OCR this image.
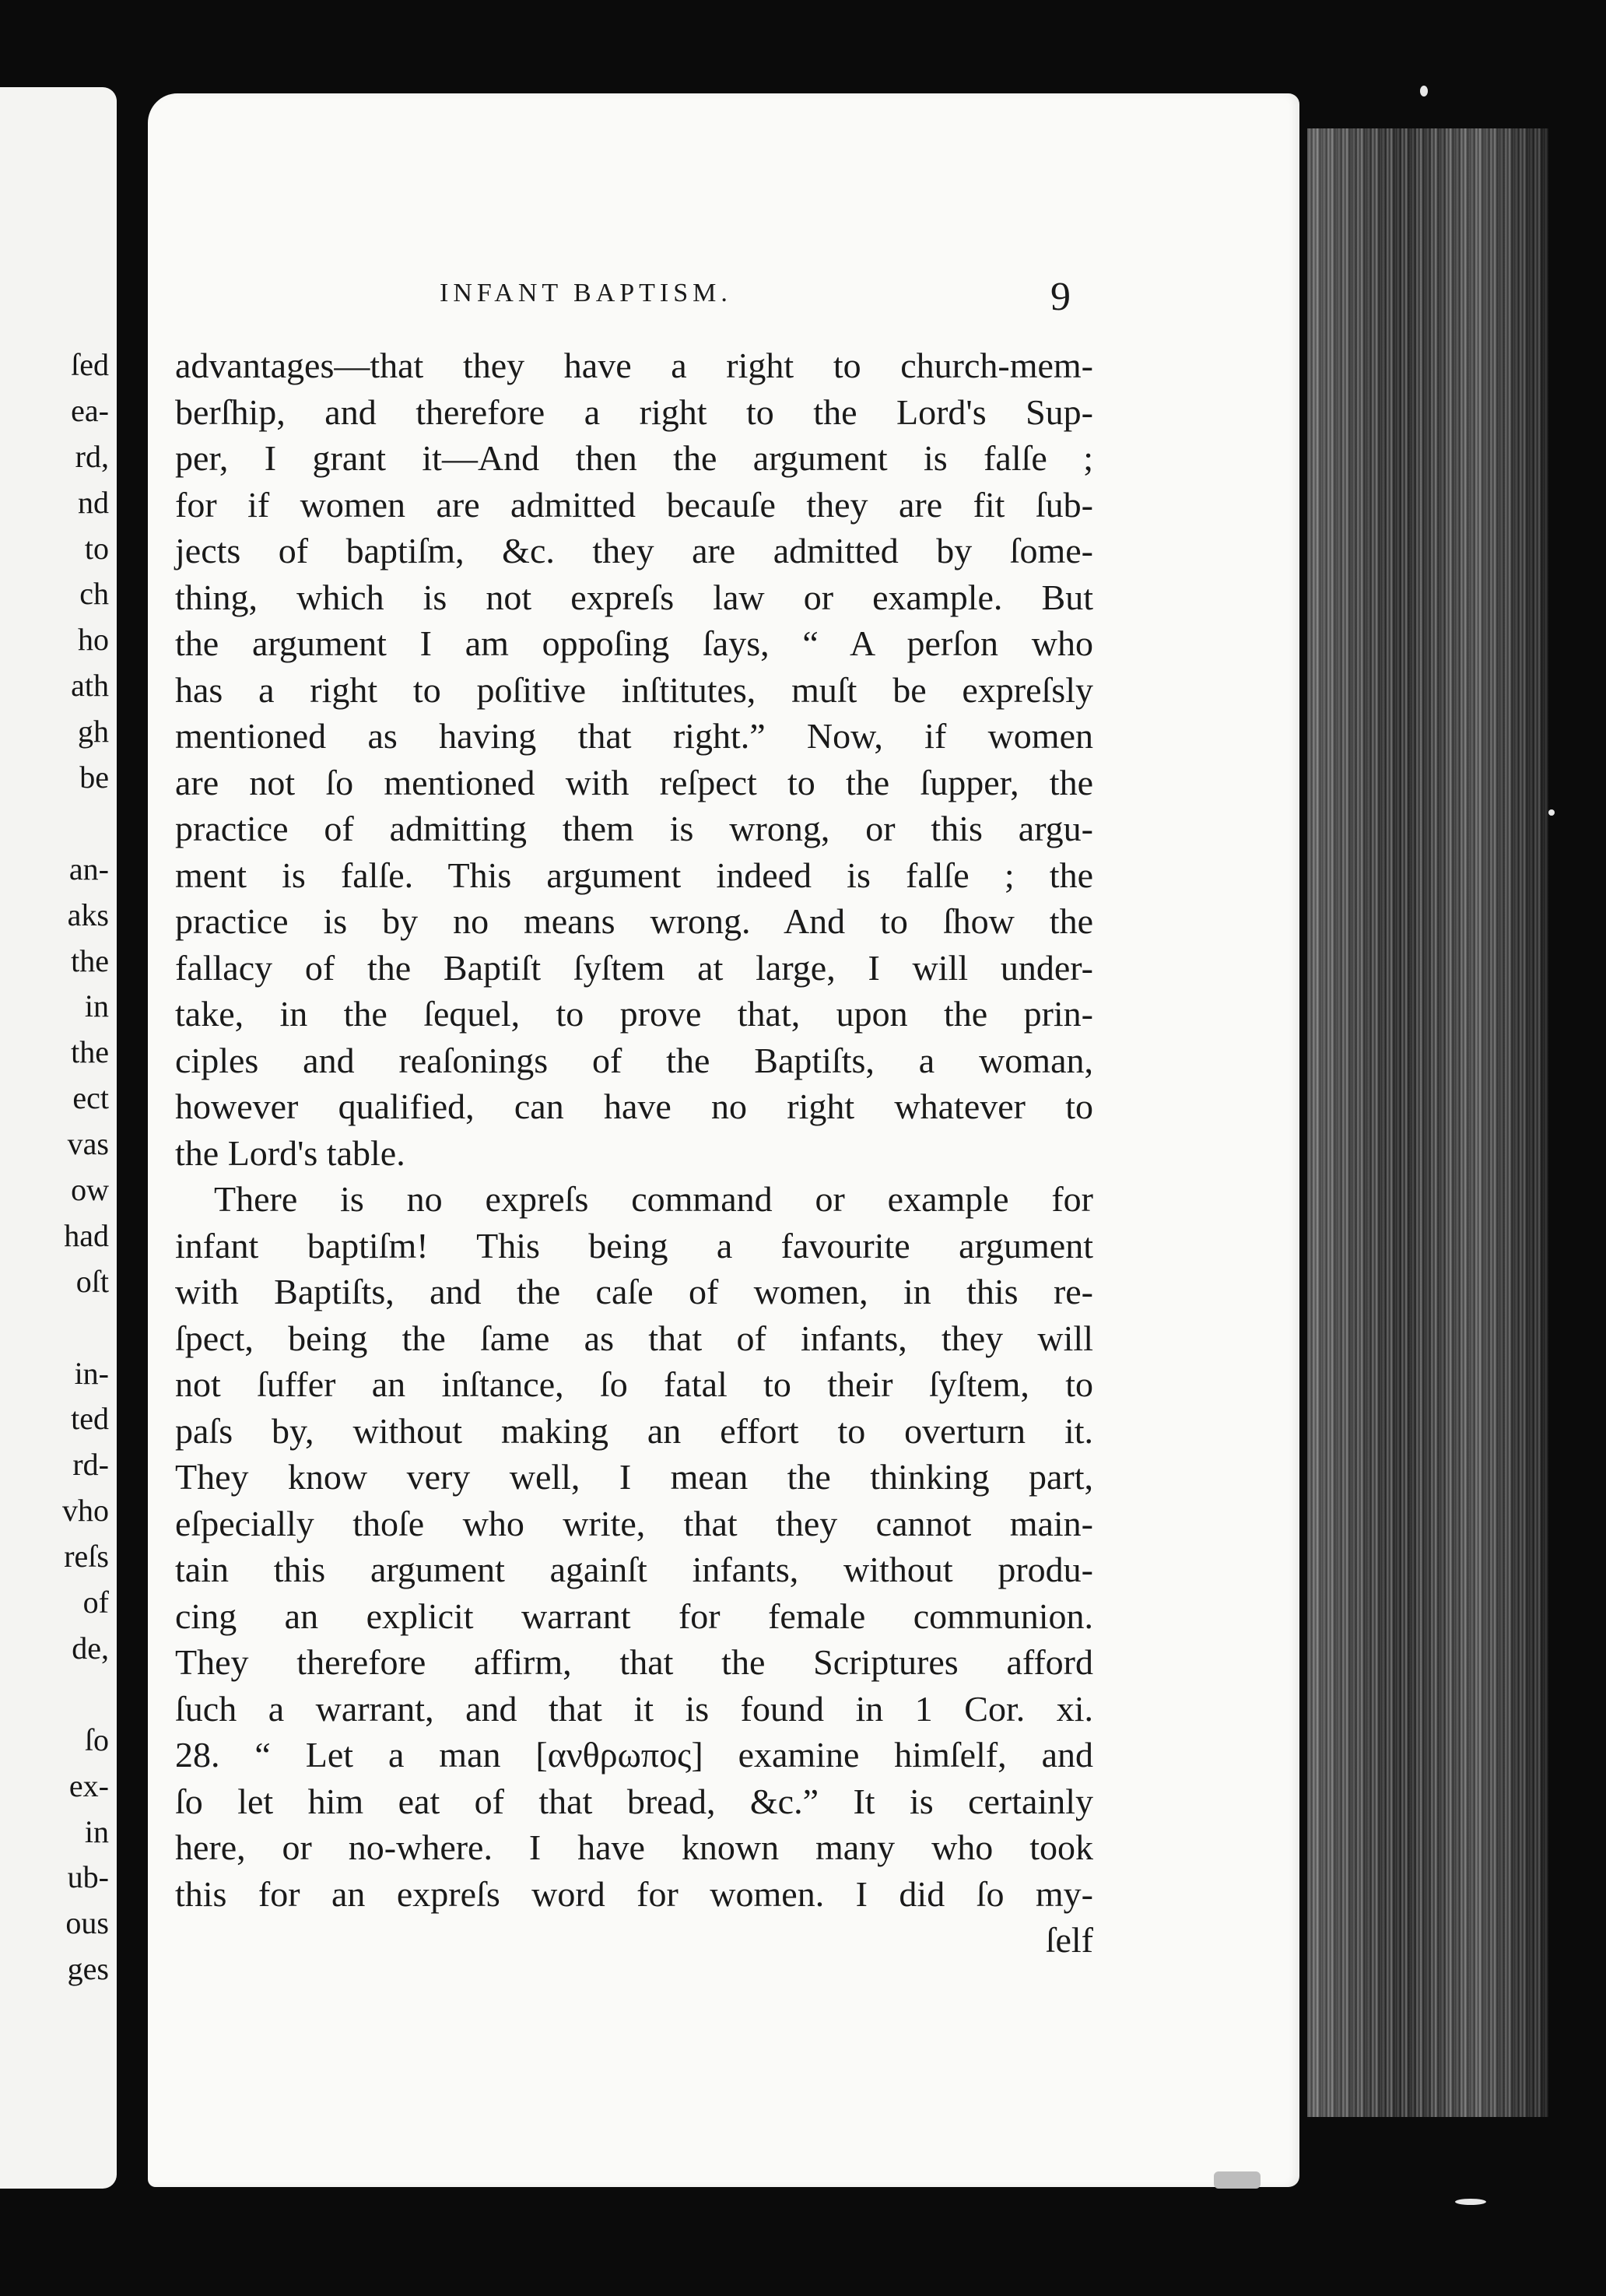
ſed
ea-
rd,
nd
to
ch
ho
ath
gh
be
an-
aks
the
in
the
ect
vas
ow
had
oſt
in-
ted
rd-
vho
reſs
of
de,
ſo
ex-
in
ub-
ous
ges
INFANT BAPTISM.	9
advantages—that they have a right to church-mem-
berſhip, and therefore a right to the Lord's Sup-
per, I grant it—And then the argument is falſe ;
for if women are admitted becauſe they are fit ſub-
jects of baptiſm, &c. they are admitted by ſome-
thing, which is not expreſs law or example. But
the argument I am oppoſing ſays, “ A perſon who
has a right to poſitive inſtitutes, muſt be expreſsly
mentioned as having that right.” Now, if women
are not ſo mentioned with reſpect to the ſupper, the
practice of admitting them is wrong, or this argu-
ment is falſe. This argument indeed is falſe ; the
practice is by no means wrong. And to ſhow the
fallacy of the Baptiſt ſyſtem at large, I will under-
take, in the ſequel, to prove that, upon the prin-
ciples and reaſonings of the Baptiſts, a woman,
however qualified, can have no right whatever to
the Lord's table.
There is no expreſs command or example for
infant baptiſm! This being a favourite argument
with Baptiſts, and the caſe of women, in this re-
ſpect, being the ſame as that of infants, they will
not ſuffer an inſtance, ſo fatal to their ſyſtem, to
paſs by, without making an effort to overturn it.
They know very well, I mean the thinking part,
eſpecially thoſe who write, that they cannot main-
tain this argument againſt infants, without produ-
cing an explicit warrant for female communion.
They therefore affirm, that the Scriptures afford
ſuch a warrant, and that it is found in 1 Cor. xi.
28. “ Let a man [ανθρωπος] examine himſelf, and
ſo let him eat of that bread, &c.” It is certainly
here, or no-where. I have known many who took
this for an expreſs word for women. I did ſo my-
ſelf
